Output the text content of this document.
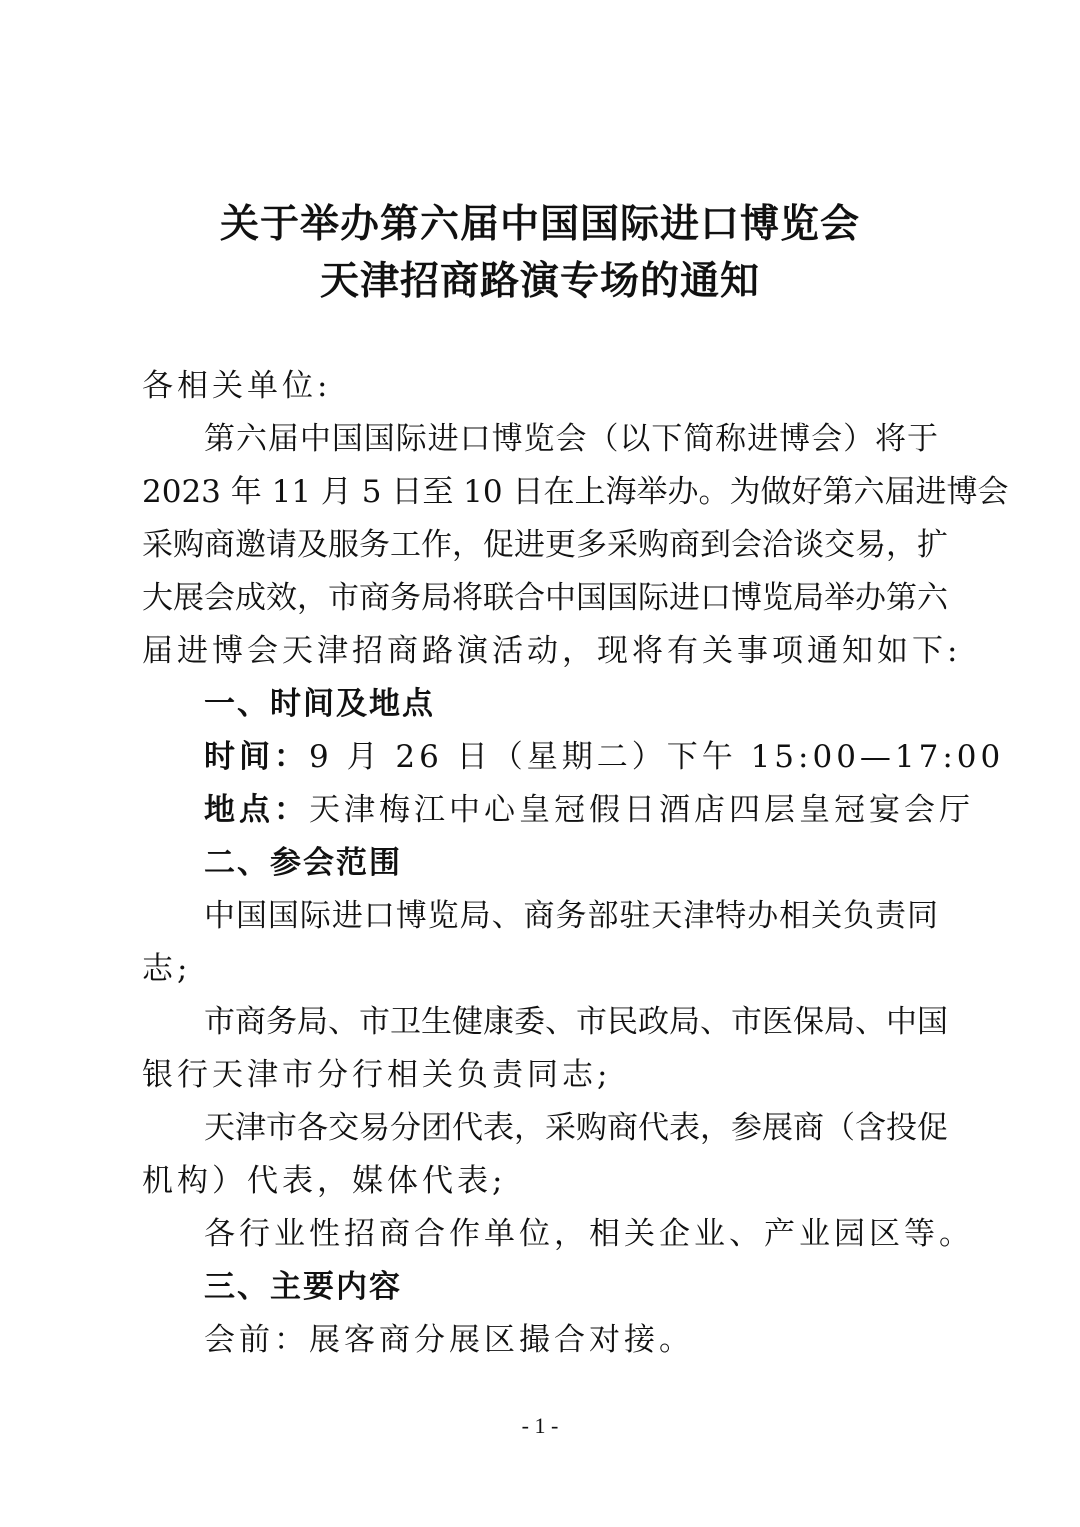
关于举办第六届中国国际进口博览会
天津招商路演专场的通知
各相关单位:
第六届中国国际进口博览会（以下简称进博会）将于
2023 年 11 月 5 日至 10 日在上海举办。为做好第六届进博会
采购商邀请及服务工作，促进更多采购商到会洽谈交易，扩
大展会成效，市商务局将联合中国国际进口博览局举办第六
届进博会天津招商路演活动，现将有关事项通知如下:
一、时间及地点
时间：9 月 26 日（星期二）下午 15:00—17:00
地点：天津梅江中心皇冠假日酒店四层皇冠宴会厅
二、参会范围
中国国际进口博览局、商务部驻天津特办相关负责同
志;
市商务局、市卫生健康委、市民政局、市医保局、中国
银行天津市分行相关负责同志;
天津市各交易分团代表，采购商代表，参展商（含投促
机构）代表，媒体代表;
各行业性招商合作单位，相关企业、产业园区等。
三、主要内容
会前：展客商分展区撮合对接。
- 1 -
